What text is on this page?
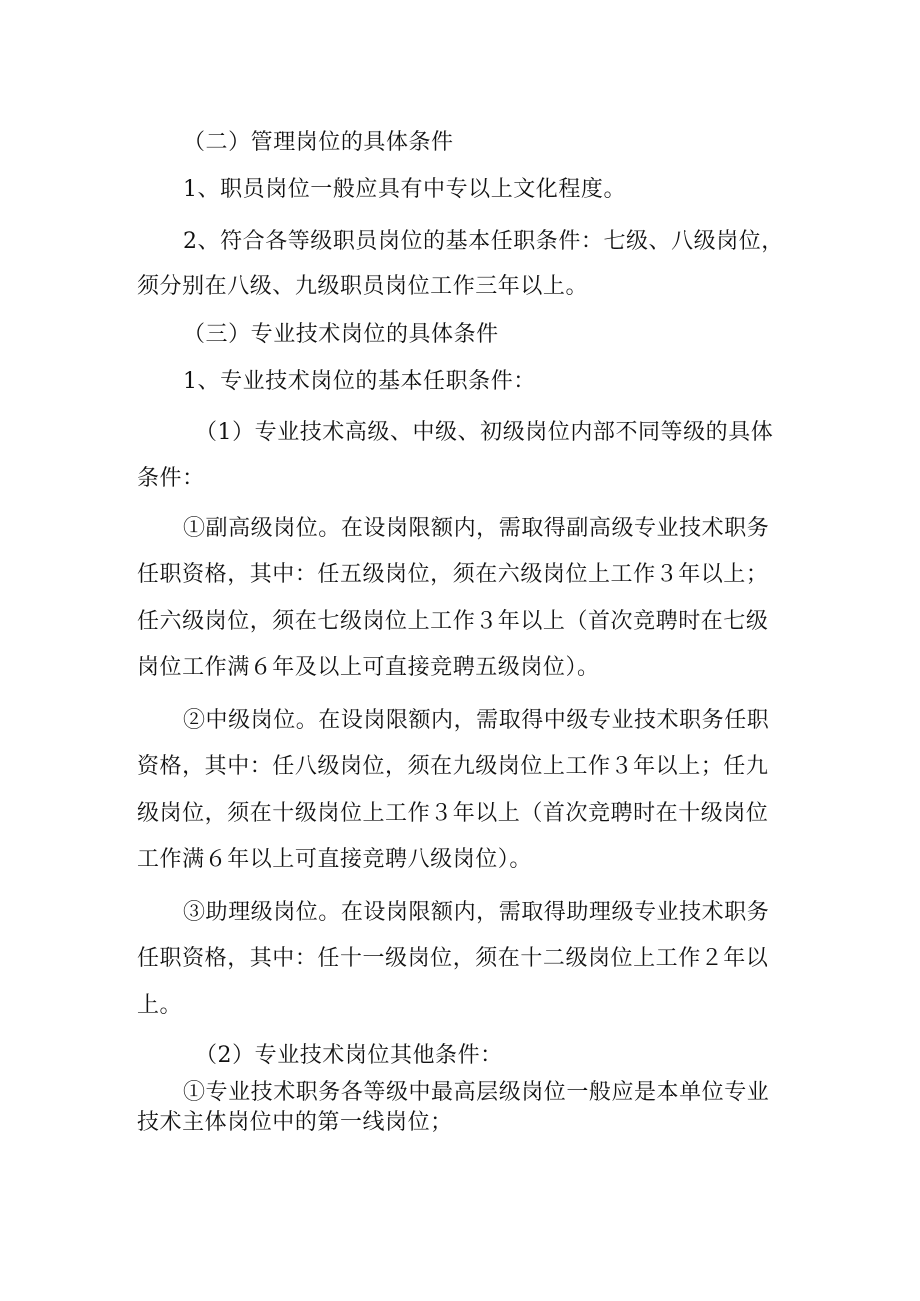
（二）管理岗位的具体条件
1、职员岗位一般应具有中专以上文化程度。
2、符合各等级职员岗位的基本任职条件：七级、八级岗位，
须分别在八级、九级职员岗位工作三年以上。
（三）专业技术岗位的具体条件
1、专业技术岗位的基本任职条件：
（1）专业技术高级、中级、初级岗位内部不同等级的具体
条件：
①副高级岗位。在设岗限额内，需取得副高级专业技术职务
任职资格，其中：任五级岗位，须在六级岗位上工作３年以上；
任六级岗位，须在七级岗位上工作３年以上（首次竞聘时在七级
岗位工作满６年及以上可直接竞聘五级岗位）。
②中级岗位。在设岗限额内，需取得中级专业技术职务任职
资格，其中：任八级岗位，须在九级岗位上工作３年以上；任九
级岗位，须在十级岗位上工作３年以上（首次竞聘时在十级岗位
工作满６年以上可直接竞聘八级岗位）。
③助理级岗位。在设岗限额内，需取得助理级专业技术职务
任职资格，其中：任十一级岗位，须在十二级岗位上工作２年以
上。
（2）专业技术岗位其他条件：
①专业技术职务各等级中最高层级岗位一般应是本单位专业
技术主体岗位中的第一线岗位；
